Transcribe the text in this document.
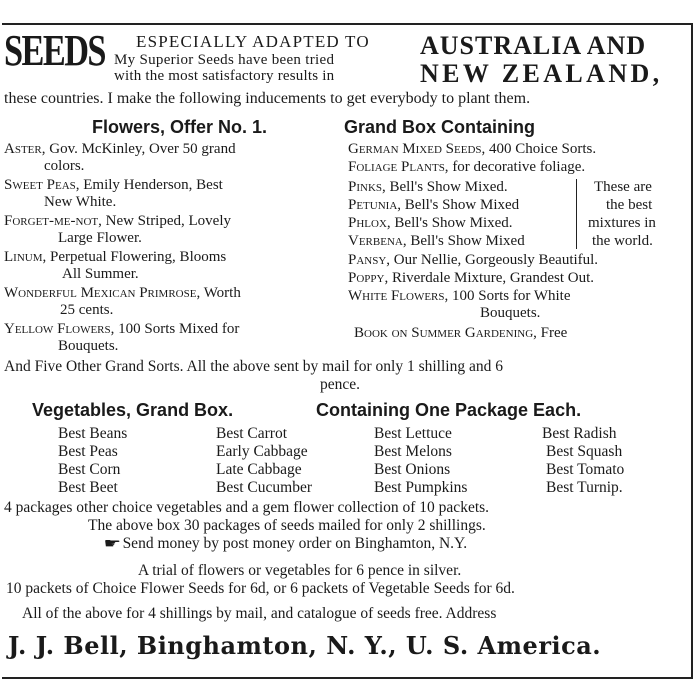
SEEDS ESPECIALLY ADAPTED TO
My Superior Seeds have been tried
with the most satisfactory results in
AUSTRALIA AND
NEW ZEALAND,
these countries. I make the following inducements to get everybody to plant them.
Flowers, Offer No. 1.	Grand Box Containing
Aster, Gov. McKinley, Over 50 grand
colors.
Sweet Peas, Emily Henderson, Best
New White.
Forget-me-not, New Striped, Lovely
Large Flower.
Linum, Perpetual Flowering, Blooms
All Summer.
Wonderful Mexican Primrose, Worth
25 cents.
Yellow Flowers, 100 Sorts Mixed for
Bouquets.
German Mixed Seeds, 400 Choice Sorts.
Foliage Plants, for decorative foliage.
Pinks, Bell's Show Mixed.
Petunia, Bell's Show Mixed
Phlox, Bell's Show Mixed.
Verbena, Bell's Show Mixed
These are
the best
mixtures in
the world.
Pansy, Our Nellie, Gorgeously Beautiful.
Poppy, Riverdale Mixture, Grandest Out.
White Flowers, 100 Sorts for White
Bouquets.
Book on Summer Gardening, Free
And Five Other Grand Sorts. All the above sent by mail for only 1 shilling and 6
pence.
Vegetables, Grand Box.	Containing One Package Each.
Best Beans
Best Peas
Best Corn
Best Beet
Best Carrot
Early Cabbage
Late Cabbage
Best Cucumber
Best Lettuce
Best Melons
Best Onions
Best Pumpkins
Best Radish
Best Squash
Best Tomato
Best Turnip.
4 packages other choice vegetables and a gem flower collection of 10 packets.
The above box 30 packages of seeds mailed for only 2 shillings.
☛Send money by post money order on Binghamton, N.Y.
A trial of flowers or vegetables for 6 pence in silver.
10 packets of Choice Flower Seeds for 6d, or 6 packets of Vegetable Seeds for 6d.
All of the above for 4 shillings by mail, and catalogue of seeds free. Address
J. J. Bell, Binghamton, N. Y., U. S. America.
